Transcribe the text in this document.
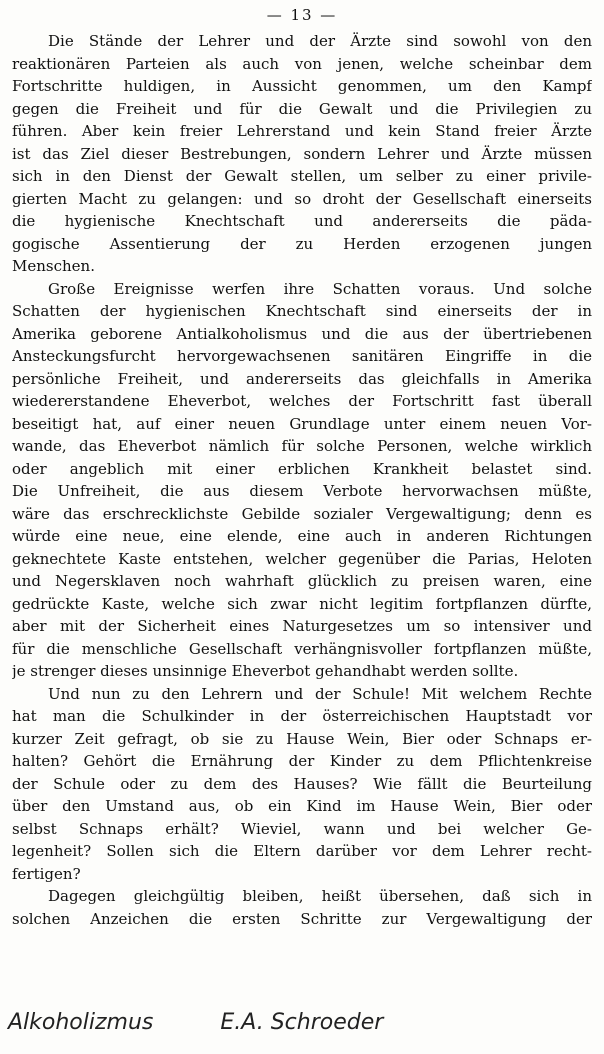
— 13 —
Die Stände der Lehrer und der Ärzte sind sowohl von den
reaktionären Parteien als auch von jenen, welche scheinbar dem
Fortschritte huldigen, in Aussicht genommen, um den Kampf
gegen die Freiheit und für die Gewalt und die Privilegien zu
führen. Aber kein freier Lehrerstand und kein Stand freier Ärzte
ist das Ziel dieser Bestrebungen, sondern Lehrer und Ärzte müssen
sich in den Dienst der Gewalt stellen, um selber zu einer privile-
gierten Macht zu gelangen: und so droht der Gesellschaft einerseits
die hygienische Knechtschaft und andererseits die päda-
gogische Assentierung der zu Herden erzogenen jungen
Menschen.
Große Ereignisse werfen ihre Schatten voraus. Und solche
Schatten der hygienischen Knechtschaft sind einerseits der in
Amerika geborene Antialkoholismus und die aus der übertriebenen
Ansteckungsfurcht hervorgewachsenen sanitären Eingriffe in die
persönliche Freiheit, und andererseits das gleichfalls in Amerika
wiedererstandene Eheverbot, welches der Fortschritt fast überall
beseitigt hat, auf einer neuen Grundlage unter einem neuen Vor-
wande, das Eheverbot nämlich für solche Personen, welche wirklich
oder angeblich mit einer erblichen Krankheit belastet sind.
Die Unfreiheit, die aus diesem Verbote hervorwachsen müßte,
wäre das erschrecklichste Gebilde sozialer Vergewaltigung; denn es
würde eine neue, eine elende, eine auch in anderen Richtungen
geknechtete Kaste entstehen, welcher gegenüber die Parias, Heloten
und Negersklaven noch wahrhaft glücklich zu preisen waren, eine
gedrückte Kaste, welche sich zwar nicht legitim fortpflanzen dürfte,
aber mit der Sicherheit eines Naturgesetzes um so intensiver und
für die menschliche Gesellschaft verhängnisvoller fortpflanzen müßte,
je strenger dieses unsinnige Eheverbot gehandhabt werden sollte.
Und nun zu den Lehrern und der Schule! Mit welchem Rechte
hat man die Schulkinder in der österreichischen Hauptstadt vor
kurzer Zeit gefragt, ob sie zu Hause Wein, Bier oder Schnaps er-
halten? Gehört die Ernährung der Kinder zu dem Pflichtenkreise
der Schule oder zu dem des Hauses? Wie fällt die Beurteilung
über den Umstand aus, ob ein Kind im Hause Wein, Bier oder
selbst Schnaps erhält? Wieviel, wann und bei welcher Ge-
legenheit? Sollen sich die Eltern darüber vor dem Lehrer recht-
fertigen?
Dagegen gleichgültig bleiben, heißt übersehen, daß sich in
solchen Anzeichen die ersten Schritte zur Vergewaltigung der
Alkoholizmus	E.A. Schroeder
